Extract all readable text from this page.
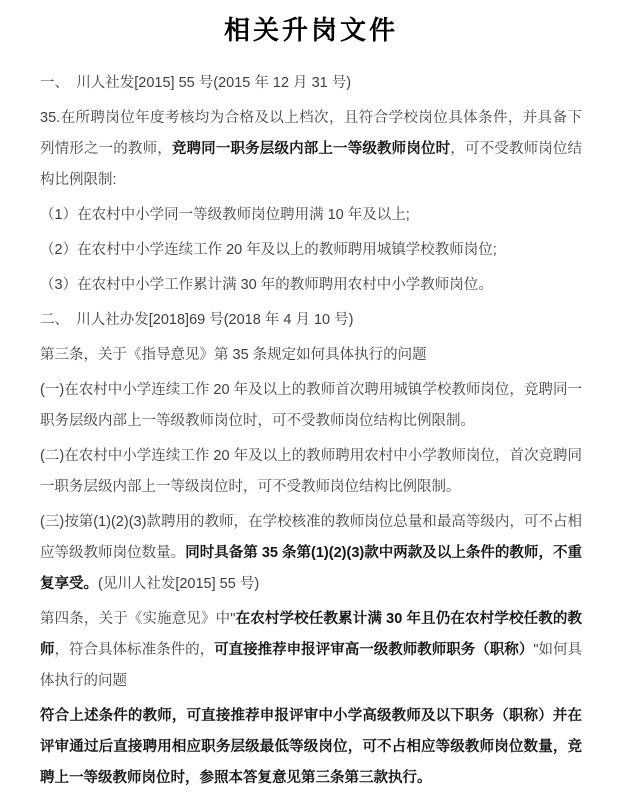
相关升岗文件

一、　川人社发[2015] 55 号(2015 年 12 月 31 号)

35.在所聘岗位年度考核均为合格及以上档次，且符合学校岗位具体条件，并具备下列情形之一的教师，竞聘同一职务层级内部上一等级教师岗位时，可不受教师岗位结构比例限制:

（1）在农村中小学同一等级教师岗位聘用满 10 年及以上;

（2）在农村中小学连续工作 20 年及以上的教师聘用城镇学校教师岗位;

（3）在农村中小学工作累计满 30 年的教师聘用农村中小学教师岗位。

二、　川人社办发[2018]69 号(2018 年 4 月 10 号)

第三条，关于《指导意见》第 35 条规定如何具体执行的问题

(一)在农村中小学连续工作 20 年及以上的教师首次聘用城镇学校教师岗位，竞聘同一职务层级内部上一等级教师岗位时，可不受教师岗位结构比例限制。

(二)在农村中小学连续工作 20 年及以上的教师聘用农村中小学教师岗位，首次竞聘同一职务层级内部上一等级岗位时，可不受教师岗位结构比例限制。

(三)按第(1)(2)(3)款聘用的教师，在学校核准的教师岗位总量和最高等级内，可不占相应等级教师岗位数量。同时具备第 35 条第(1)(2)(3)款中两款及以上条件的教师，不重复享受。(见川人社发[2015] 55 号)

第四条，关于《实施意见》中"在农村学校任教累计满 30 年且仍在农村学校任教的教师，符合具体标准条件的，可直接推荐申报评审高一级教师教师职务（职称）"如何具体执行的问题

符合上述条件的教师，可直接推荐申报评审中小学高级教师及以下职务（职称）并在评审通过后直接聘用相应职务层级最低等级岗位，可不占相应等级教师岗位数量，竞聘上一等级教师岗位时，参照本答复意见第三条第三款执行。
